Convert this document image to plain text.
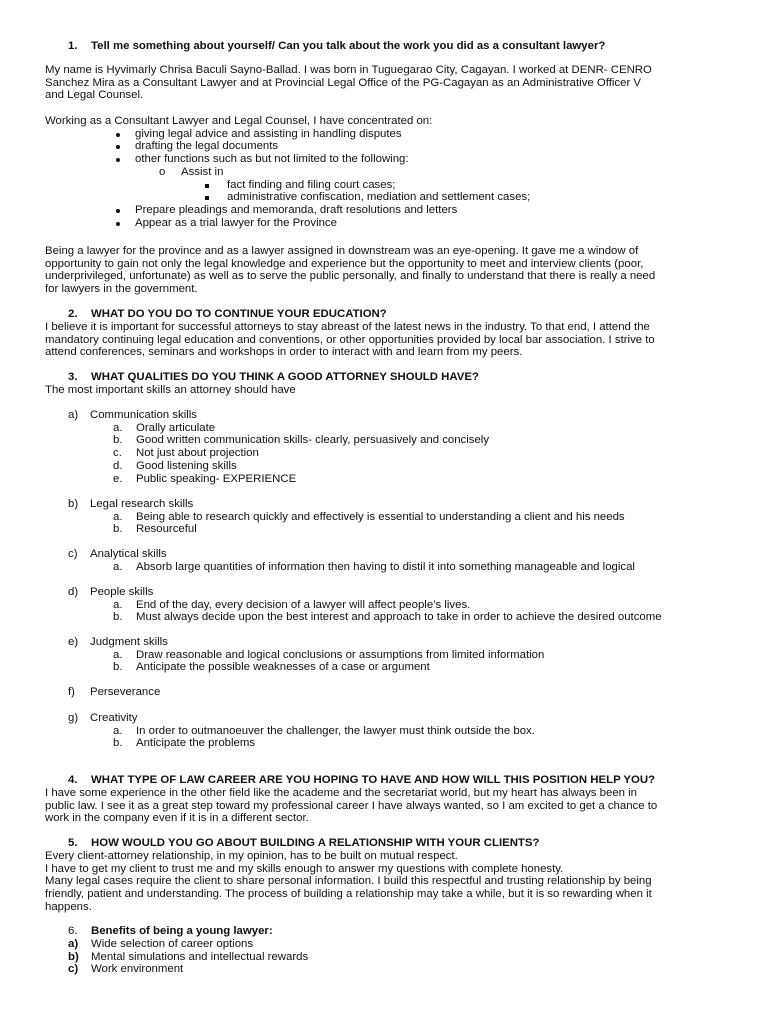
1. Tell me something about yourself/ Can you talk about the work you did as a consultant lawyer?
My name is Hyvimarly Chrisa Baculi Sayno-Ballad. I was born in Tuguegarao City, Cagayan. I worked at DENR- CENRO
Sanchez Mira as a Consultant Lawyer and at Provincial Legal Office of the PG-Cagayan as an Administrative Officer V
and Legal Counsel.
Working as a Consultant Lawyer and Legal Counsel, I have concentrated on:
giving legal advice and assisting in handling disputes
drafting the legal documents
other functions such as but not limited to the following:
o Assist in
fact finding and filing court cases;
administrative confiscation, mediation and settlement cases;
Prepare pleadings and memoranda, draft resolutions and letters
Appear as a trial lawyer for the Province
Being a lawyer for the province and as a lawyer assigned in downstream was an eye-opening. It gave me a window of
opportunity to gain not only the legal knowledge and experience but the opportunity to meet and interview clients (poor,
underprivileged, unfortunate) as well as to serve the public personally, and finally to understand that there is really a need
for lawyers in the government.
2. WHAT DO YOU DO TO CONTINUE YOUR EDUCATION?
I believe it is important for successful attorneys to stay abreast of the latest news in the industry. To that end, I attend the
mandatory continuing legal education and conventions, or other opportunities provided by local bar association. I strive to
attend conferences, seminars and workshops in order to interact with and learn from my peers.
3. WHAT QUALITIES DO YOU THINK A GOOD ATTORNEY SHOULD HAVE?
The most important skills an attorney should have
a) Communication skills
a. Orally articulate
b. Good written communication skills- clearly, persuasively and concisely
c. Not just about projection
d. Good listening skills
e. Public speaking- EXPERIENCE
b) Legal research skills
a. Being able to research quickly and effectively is essential to understanding a client and his needs
b. Resourceful
c) Analytical skills
a. Absorb large quantities of information then having to distil it into something manageable and logical
d) People skills
a. End of the day, every decision of a lawyer will affect people’s lives.
b. Must always decide upon the best interest and approach to take in order to achieve the desired outcome
e) Judgment skills
a. Draw reasonable and logical conclusions or assumptions from limited information
b. Anticipate the possible weaknesses of a case or argument
f) Perseverance
g) Creativity
a. In order to outmanoeuver the challenger, the lawyer must think outside the box.
b. Anticipate the problems
4. WHAT TYPE OF LAW CAREER ARE YOU HOPING TO HAVE AND HOW WILL THIS POSITION HELP YOU?
I have some experience in the other field like the academe and the secretariat world, but my heart has always been in
public law. I see it as a great step toward my professional career I have always wanted, so I am excited to get a chance to
work in the company even if it is in a different sector.
5. HOW WOULD YOU GO ABOUT BUILDING A RELATIONSHIP WITH YOUR CLIENTS?
Every client-attorney relationship, in my opinion, has to be built on mutual respect.
I have to get my client to trust me and my skills enough to answer my questions with complete honesty.
Many legal cases require the client to share personal information. I build this respectful and trusting relationship by being
friendly, patient and understanding. The process of building a relationship may take a while, but it is so rewarding when it
happens.
6. Benefits of being a young lawyer:
a) Wide selection of career options
b) Mental simulations and intellectual rewards
c) Work environment
